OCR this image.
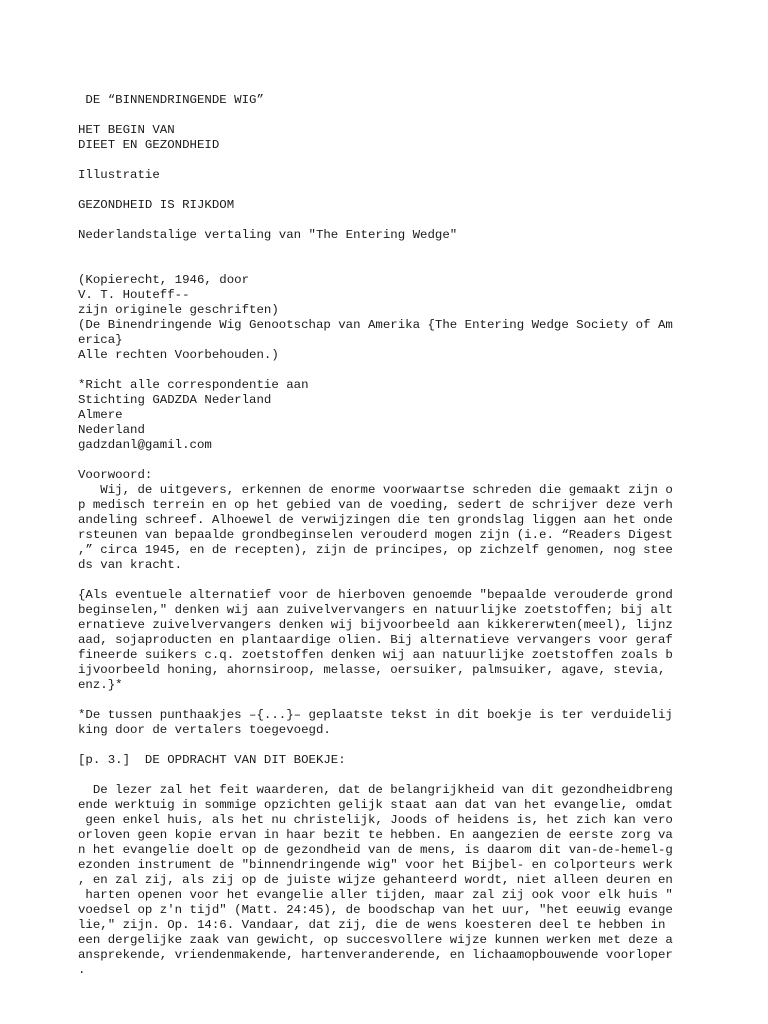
DE “BINNENDRINGENDE WIG”
HET BEGIN VAN
DIEET EN GEZONDHEID
Illustratie
GEZONDHEID IS RIJKDOM
Nederlandstalige vertaling van "The Entering Wedge"
(Kopierecht, 1946, door
V. T. Houteff--
zijn originele geschriften)
(De Binendringende Wig Genootschap van Amerika {The Entering Wedge Society of Am
erica}
Alle rechten Voorbehouden.)
*Richt alle correspondentie aan
Stichting GADZDA Nederland
Almere
Nederland
gadzdanl@gamil.com
Voorwoord:
Wij, de uitgevers, erkennen de enorme voorwaartse schreden die gemaakt zijn o
p medisch terrein en op het gebied van de voeding, sedert de schrijver deze verh
andeling schreef. Alhoewel de verwijzingen die ten grondslag liggen aan het onde
rsteunen van bepaalde grondbeginselen verouderd mogen zijn (i.e. “Readers Digest
,” circa 1945, en de recepten), zijn de principes, op zichzelf genomen, nog stee
ds van kracht.
{Als eventuele alternatief voor de hierboven genoemde "bepaalde verouderde grond
beginselen," denken wij aan zuivelvervangers en natuurlijke zoetstoffen; bij alt
ernatieve zuivelvervangers denken wij bijvoorbeeld aan kikkererwten(meel), lijnz
aad, sojaproducten en plantaardige olien. Bij alternatieve vervangers voor geraf
fineerde suikers c.q. zoetstoffen denken wij aan natuurlijke zoetstoffen zoals b
ijvoorbeeld honing, ahornsiroop, melasse, oersuiker, palmsuiker, agave, stevia,
enz.}*
*De tussen punthaakjes –{...}– geplaatste tekst in dit boekje is ter verduidelij
king door de vertalers toegevoegd.
[p. 3.]  DE OPDRACHT VAN DIT BOEKJE:
De lezer zal het feit waarderen, dat de belangrijkheid van dit gezondheidbreng
ende werktuig in sommige opzichten gelijk staat aan dat van het evangelie, omdat
geen enkel huis, als het nu christelijk, Joods of heidens is, het zich kan vero
orloven geen kopie ervan in haar bezit te hebben. En aangezien de eerste zorg va
n het evangelie doelt op de gezondheid van de mens, is daarom dit van-de-hemel-g
ezonden instrument de "binnendringende wig" voor het Bijbel- en colporteurs werk
, en zal zij, als zij op de juiste wijze gehanteerd wordt, niet alleen deuren en
harten openen voor het evangelie aller tijden, maar zal zij ook voor elk huis "
voedsel op z'n tijd" (Matt. 24:45), de boodschap van het uur, "het eeuwig evange
lie," zijn. Op. 14:6. Vandaar, dat zij, die de wens koesteren deel te hebben in
een dergelijke zaak van gewicht, op succesvollere wijze kunnen werken met deze a
ansprekende, vriendenmakende, hartenveranderende, en lichaamopbouwende voorloper
.
